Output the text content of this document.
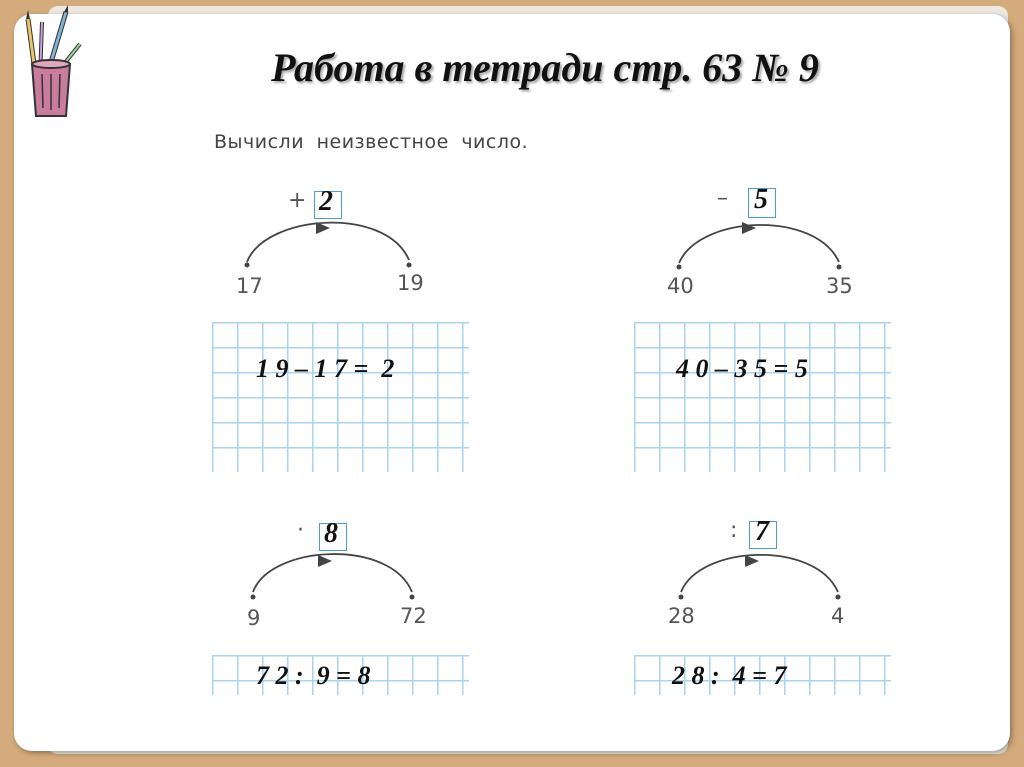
Работа в тетради стр. 63 № 9
Вычисли неизвестное число.
+ 2
17	19
1 9 – 1 7 =  2
– 5
40	35
4 0 – 3 5 = 5
· 8
9	72
7 2 :  9 = 8
: 7
28	4
2 8 :  4 = 7
